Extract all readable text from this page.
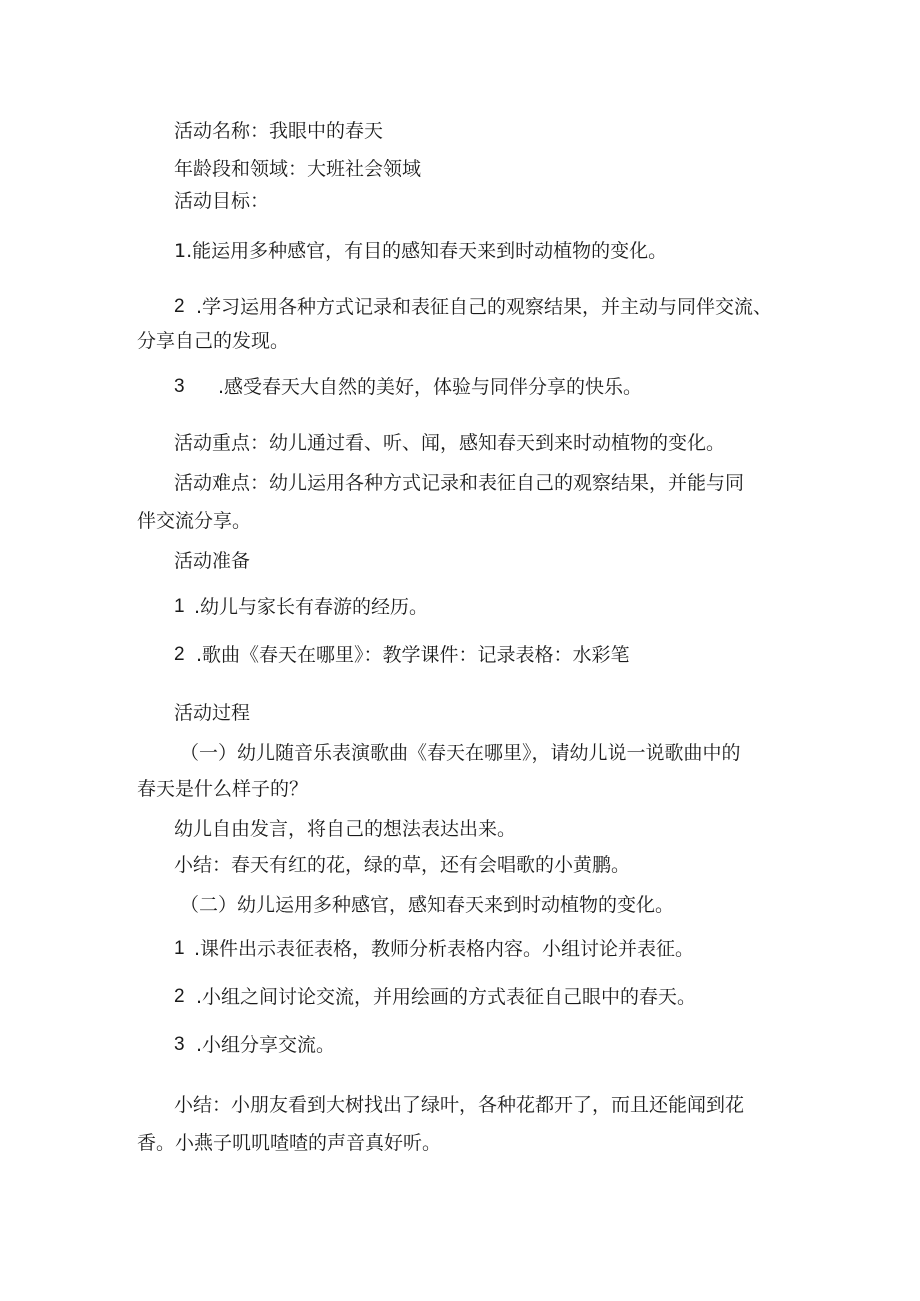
活动名称：我眼中的春天
年龄段和领域：大班社会领域
活动目标：
1.能运用多种感官，有目的感知春天来到时动植物的变化。
2 .学习运用各种方式记录和表征自己的观察结果，并主动与同伴交流、
分享自己的发现。
3 .感受春天大自然的美好，体验与同伴分享的快乐。
活动重点：幼儿通过看、听、闻，感知春天到来时动植物的变化。
活动难点：幼儿运用各种方式记录和表征自己的观察结果，并能与同
伴交流分享。
活动准备
1 .幼儿与家长有春游的经历。
2 .歌曲《春天在哪里》：教学课件：记录表格：水彩笔
活动过程
（一）幼儿随音乐表演歌曲《春天在哪里》，请幼儿说一说歌曲中的
春天是什么样子的？
幼儿自由发言，将自己的想法表达出来。
小结：春天有红的花，绿的草，还有会唱歌的小黄鹏。
（二）幼儿运用多种感官，感知春天来到时动植物的变化。
1 .课件出示表征表格，教师分析表格内容。小组讨论并表征。
2 .小组之间讨论交流，并用绘画的方式表征自己眼中的春天。
3 .小组分享交流。
小结：小朋友看到大树找出了绿叶，各种花都开了，而且还能闻到花
香。小燕子叽叽喳喳的声音真好听。
